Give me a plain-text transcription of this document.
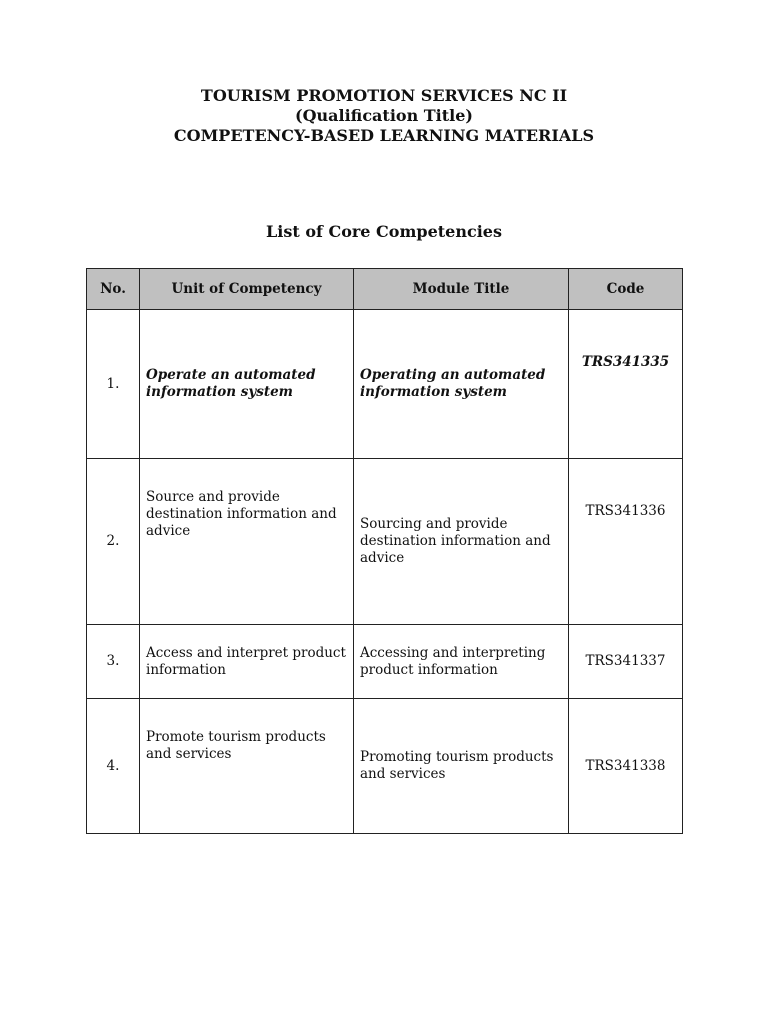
TOURISM PROMOTION SERVICES NC II
(Qualification Title)
COMPETENCY-BASED LEARNING MATERIALS
List of Core Competencies
No.	Unit of Competency	Module Title	Code
1.	Operate an automated information system	Operating an automated information system	TRS341335
2.	Source and provide destination information and advice	Sourcing and provide destination information and advice	TRS341336
3.	Access and interpret product information	Accessing and interpreting product information	TRS341337
4.	Promote tourism products and services	Promoting tourism products and services	TRS341338
